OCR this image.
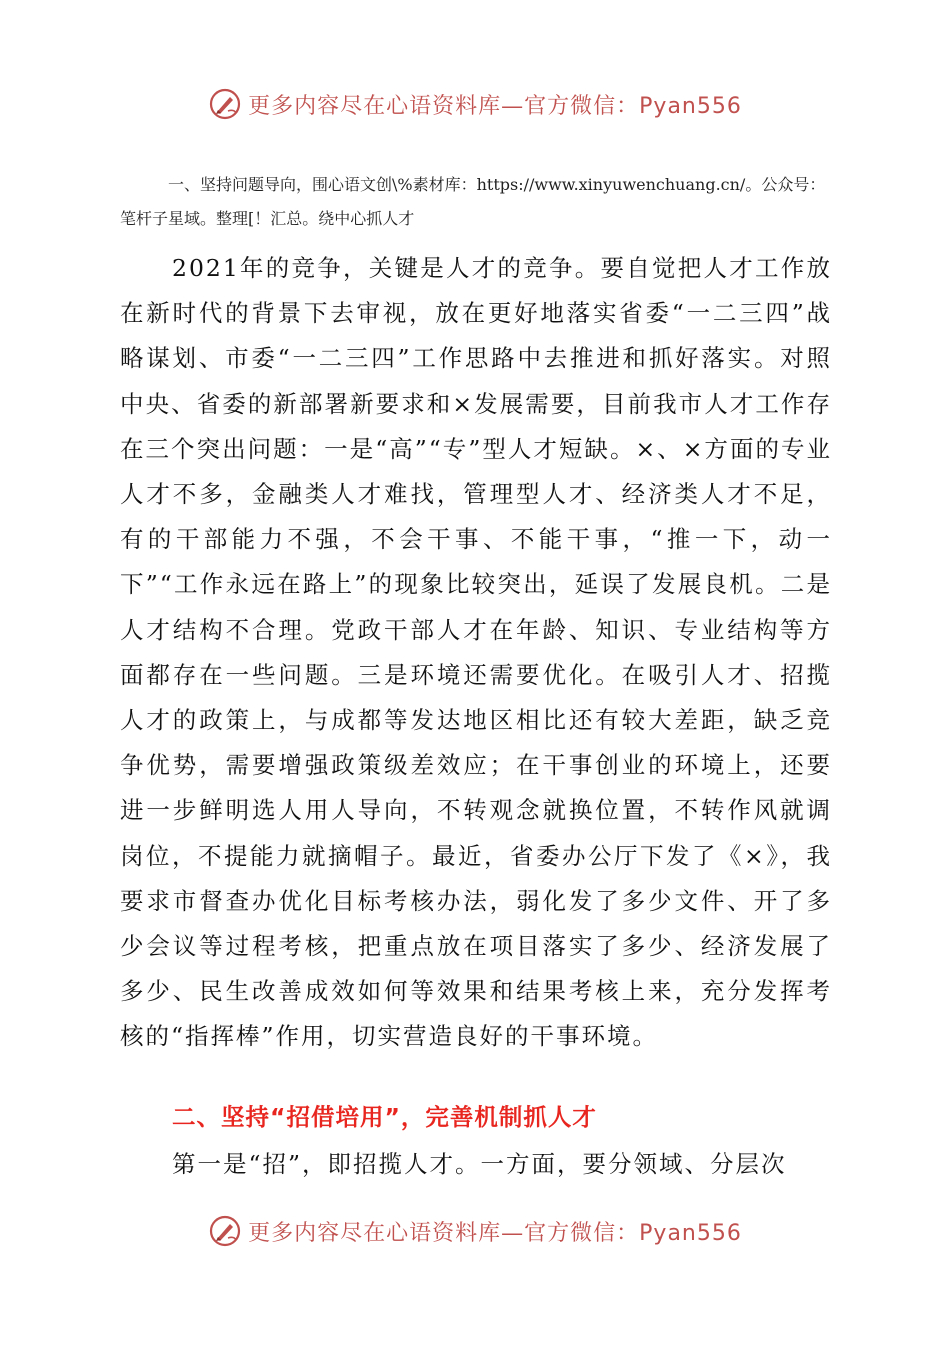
更多内容尽在心语资料库—官方微信：Pyan556
一、坚持问题导向，围心语文创\%素材库：https://www.xinyuwenchuang.cn/。公众号：笔杆子星域。整理[！汇总。绕中心抓人才
2021年的竞争，关键是人才的竞争。要自觉把人才工作放在新时代的背景下去审视，放在更好地落实省委“一二三四”战略谋划、市委“一二三四”工作思路中去推进和抓好落实。对照中央、省委的新部署新要求和×发展需要，目前我市人才工作存在三个突出问题：一是“高”“专”型人才短缺。×、×方面的专业人才不多，金融类人才难找，管理型人才、经济类人才不足，有的干部能力不强，不会干事、不能干事，“推一下，动一下”“工作永远在路上”的现象比较突出，延误了发展良机。二是人才结构不合理。党政干部人才在年龄、知识、专业结构等方面都存在一些问题。三是环境还需要优化。在吸引人才、招揽人才的政策上，与成都等发达地区相比还有较大差距，缺乏竞争优势，需要增强政策级差效应；在干事创业的环境上，还要进一步鲜明选人用人导向，不转观念就换位置，不转作风就调岗位，不提能力就摘帽子。最近，省委办公厅下发了《×》，我要求市督查办优化目标考核办法，弱化发了多少文件、开了多少会议等过程考核，把重点放在项目落实了多少、经济发展了多少、民生改善成效如何等效果和结果考核上来，充分发挥考核的“指挥棒”作用，切实营造良好的干事环境。
二、坚持“招借培用”，完善机制抓人才
第一是“招”，即招揽人才。一方面，要分领域、分层次
更多内容尽在心语资料库—官方微信：Pyan556
